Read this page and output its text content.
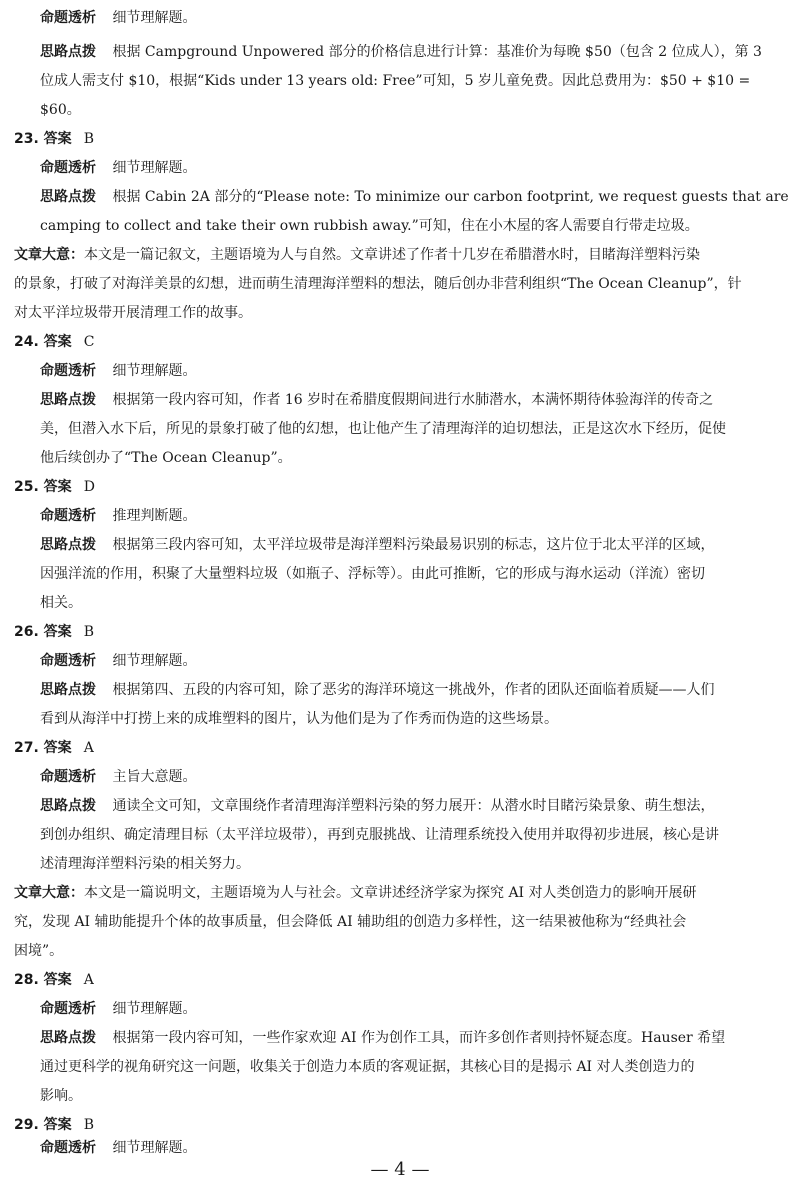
命题透析 细节理解题。
思路点拨 根据 Campground Unpowered 部分的价格信息进行计算：基准价为每晚 $50（包含 2 位成人），第 3
位成人需支付 $10，根据“Kids under 13 years old: Free”可知，5 岁儿童免费。因此总费用为：$50 + $10 =
$60。
23. 答案 B
命题透析 细节理解题。
思路点拨 根据 Cabin 2A 部分的“Please note: To minimize our carbon footprint, we request guests that are
camping to collect and take their own rubbish away.”可知，住在小木屋的客人需要自行带走垃圾。
文章大意：本文是一篇记叙文，主题语境为人与自然。文章讲述了作者十几岁在希腊潜水时，目睹海洋塑料污染
的景象，打破了对海洋美景的幻想，进而萌生清理海洋塑料的想法，随后创办非营利组织“The Ocean Cleanup”，针
对太平洋垃圾带开展清理工作的故事。
24. 答案 C
命题透析 细节理解题。
思路点拨 根据第一段内容可知，作者 16 岁时在希腊度假期间进行水肺潜水，本满怀期待体验海洋的传奇之
美，但潜入水下后，所见的景象打破了他的幻想，也让他产生了清理海洋的迫切想法，正是这次水下经历，促使
他后续创办了“The Ocean Cleanup”。
25. 答案 D
命题透析 推理判断题。
思路点拨 根据第三段内容可知，太平洋垃圾带是海洋塑料污染最易识别的标志，这片位于北太平洋的区域，
因强洋流的作用，积聚了大量塑料垃圾（如瓶子、浮标等）。由此可推断，它的形成与海水运动（洋流）密切
相关。
26. 答案 B
命题透析 细节理解题。
思路点拨 根据第四、五段的内容可知，除了恶劣的海洋环境这一挑战外，作者的团队还面临着质疑——人们
看到从海洋中打捞上来的成堆塑料的图片，认为他们是为了作秀而伪造的这些场景。
27. 答案 A
命题透析 主旨大意题。
思路点拨 通读全文可知，文章围绕作者清理海洋塑料污染的努力展开：从潜水时目睹污染景象、萌生想法，
到创办组织、确定清理目标（太平洋垃圾带），再到克服挑战、让清理系统投入使用并取得初步进展，核心是讲
述清理海洋塑料污染的相关努力。
文章大意：本文是一篇说明文，主题语境为人与社会。文章讲述经济学家为探究 AI 对人类创造力的影响开展研
究，发现 AI 辅助能提升个体的故事质量，但会降低 AI 辅助组的创造力多样性，这一结果被他称为“经典社会
困境”。
28. 答案 A
命题透析 细节理解题。
思路点拨 根据第一段内容可知，一些作家欢迎 AI 作为创作工具，而许多创作者则持怀疑态度。Hauser 希望
通过更科学的视角研究这一问题，收集关于创造力本质的客观证据，其核心目的是揭示 AI 对人类创造力的
影响。
29. 答案 B
命题透析 细节理解题。
— 4 —
